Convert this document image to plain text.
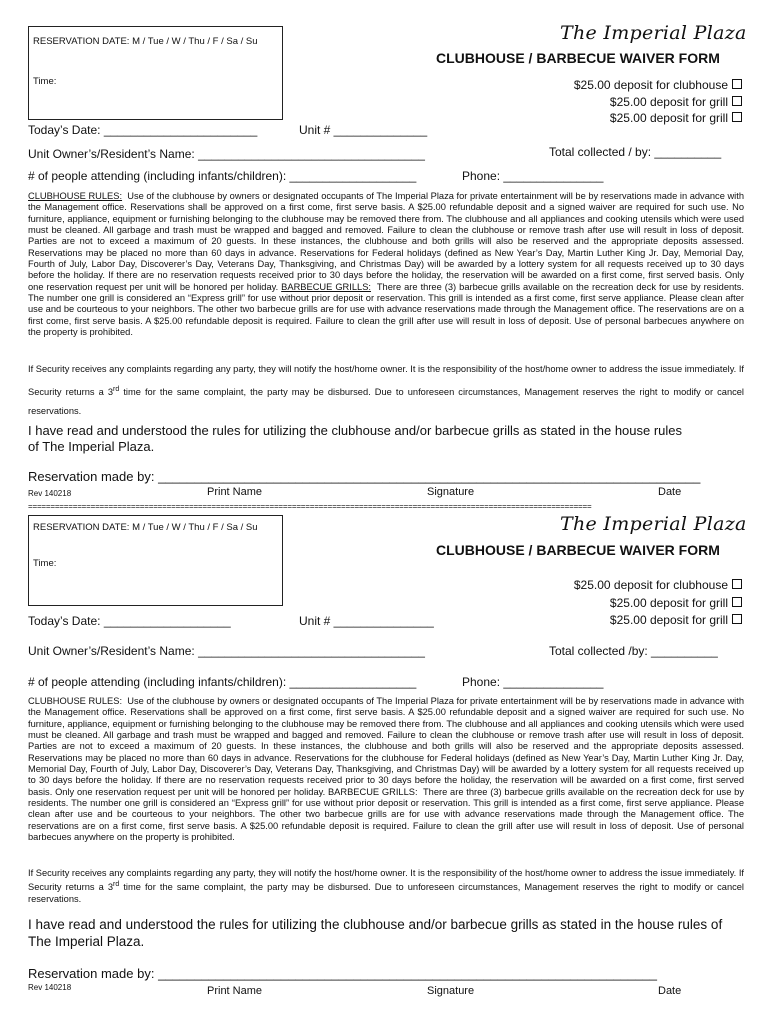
RESERVATION DATE: M / Tue / W / Thu / F / Sa / Su
Time:
The Imperial Plaza
CLUBHOUSE / BARBECUE WAIVER FORM
$25.00 deposit for clubhouse
$25.00 deposit for grill
$25.00 deposit for grill
Today’s Date: _______________________	Unit # ______________
Total collected / by: __________
Unit Owner’s/Resident’s Name: __________________________________
# of people attending (including infants/children): ___________________	Phone: _______________

CLUBHOUSE RULES: Use of the clubhouse by owners or designated occupants of The Imperial Plaza for private entertainment will be by reservations made in advance with the Management office. Reservations shall be approved on a first come, first serve basis. A $25.00 refundable deposit and a signed waiver are required for such use. No furniture, appliance, equipment or furnishing belonging to the clubhouse may be removed there from. The clubhouse and all appliances and cooking utensils which were used must be cleaned. All garbage and trash must be wrapped and bagged and removed. Failure to clean the clubhouse or remove trash after use will result in loss of deposit. Parties are not to exceed a maximum of 20 guests. In these instances, the clubhouse and both grills will also be reserved and the appropriate deposits assessed. Reservations may be placed no more than 60 days in advance. Reservations for Federal holidays (defined as New Year’s Day, Martin Luther King Jr. Day, Memorial Day, Fourth of July, Labor Day, Discoverer’s Day, Veterans Day, Thanksgiving, and Christmas Day) will be awarded by a lottery system for all requests received up to 30 days before the holiday. If there are no reservation requests received prior to 30 days before the holiday, the reservation will be awarded on a first come, first served basis. Only one reservation request per unit will be honored per holiday. BARBECUE GRILLS: There are three (3) barbecue grills available on the recreation deck for use by residents. The number one grill is considered an “Express grill” for use without prior deposit or reservation. This grill is intended as a first come, first serve appliance. Please clean after use and be courteous to your neighbors. The other two barbecue grills are for use with advance reservations made through the Management office. The reservations are on a first come, first serve basis. A $25.00 refundable deposit is required. Failure to clean the grill after use will result in loss of deposit. Use of personal barbecues anywhere on the property is prohibited.

If Security receives any complaints regarding any party, they will notify the host/home owner. It is the responsibility of the host/home owner to address the issue immediately. If Security returns a 3rd time for the same complaint, the party may be disbursed. Due to unforeseen circumstances, Management reserves the right to modify or cancel reservations.

I have read and understood the rules for utilizing the clubhouse and/or barbecue grills as stated in the house rules of The Imperial Plaza.
Reservation made by: ___________________________________________________________________________
Rev 140218	Print Name	Signature	Date
==============================================================================================================================
RESERVATION DATE: M / Tue / W / Thu / F / Sa / Su
Time:
The Imperial Plaza
CLUBHOUSE / BARBECUE WAIVER FORM
$25.00 deposit for clubhouse
$25.00 deposit for grill
$25.00 deposit for grill
Today’s Date: ___________________	Unit # _______________
Unit Owner’s/Resident’s Name: __________________________________	Total collected /by: __________
# of people attending (including infants/children): ___________________	Phone: _______________

CLUBHOUSE RULES: Use of the clubhouse by owners or designated occupants of The Imperial Plaza for private entertainment will be by reservations made in advance with the Management office. Reservations shall be approved on a first come, first serve basis. A $25.00 refundable deposit and a signed waiver are required for such use. No furniture, appliance, equipment or furnishing belonging to the clubhouse may be removed there from. The clubhouse and all appliances and cooking utensils which were used must be cleaned. All garbage and trash must be wrapped and bagged and removed. Failure to clean the clubhouse or remove trash after use will result in loss of deposit. Parties are not to exceed a maximum of 20 guests. In these instances, the clubhouse and both grills will also be reserved and the appropriate deposits assessed. Reservations may be placed no more than 60 days in advance. Reservations for the clubhouse for Federal holidays (defined as New Year’s Day, Martin Luther King Jr. Day, Memorial Day, Fourth of July, Labor Day, Discoverer’s Day, Veterans Day, Thanksgiving, and Christmas Day) will be awarded by a lottery system for all requests received up to 30 days before the holiday. If there are no reservation requests received prior to 30 days before the holiday, the reservation will be awarded on a first come, first served basis. Only one reservation request per unit will be honored per holiday. BARBECUE GRILLS: There are three (3) barbecue grills available on the recreation deck for use by residents. The number one grill is considered an “Express grill” for use without prior deposit or reservation. This grill is intended as a first come, first serve appliance. Please clean after use and be courteous to your neighbors. The other two barbecue grills are for use with advance reservations made through the Management office. The reservations are on a first come, first serve basis. A $25.00 refundable deposit is required. Failure to clean the grill after use will result in loss of deposit. Use of personal barbecues anywhere on the property is prohibited.

If Security receives any complaints regarding any party, they will notify the host/home owner. It is the responsibility of the host/home owner to address the issue immediately. If Security returns a 3rd time for the same complaint, the party may be disbursed. Due to unforeseen circumstances, Management reserves the right to modify or cancel reservations.

I have read and understood the rules for utilizing the clubhouse and/or barbecue grills as stated in the house rules of The Imperial Plaza.
Reservation made by: _____________________________________________________________________
Rev 140218	Print Name	Signature	Date
